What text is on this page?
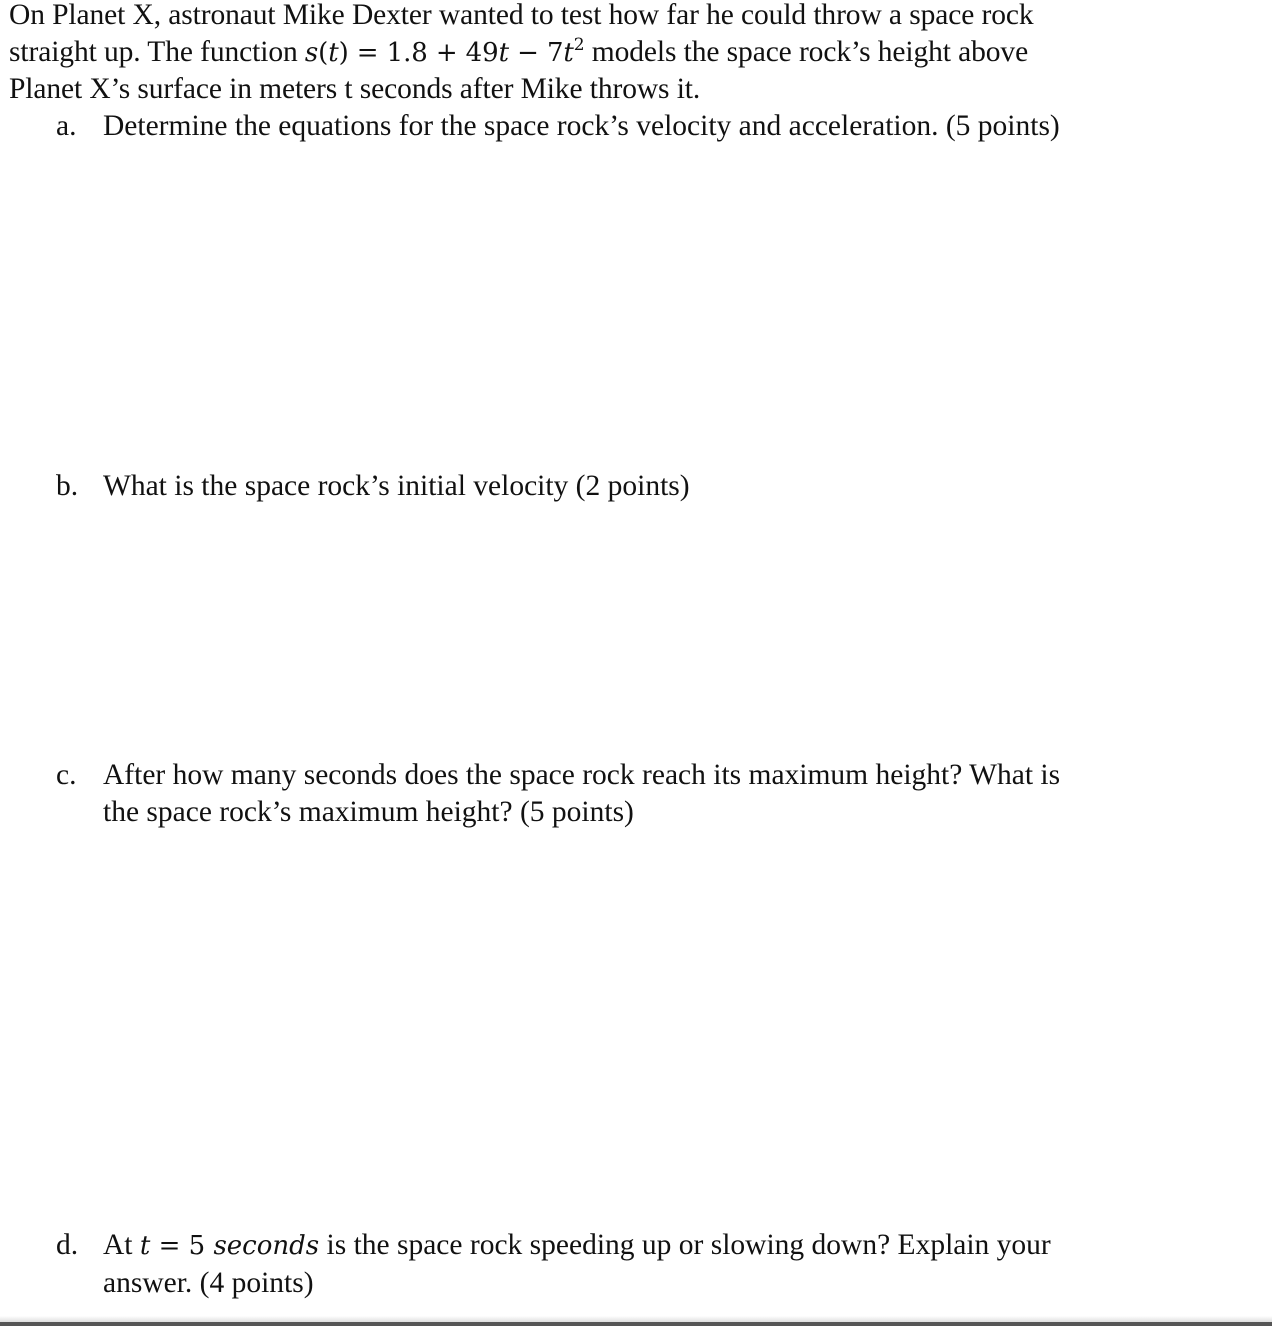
On Planet X, astronaut Mike Dexter wanted to test how far he could throw a space rock
straight up. The function $s(t) = 1.8 + 49t - 7t^2$ models the space rock’s height above
Planet X’s surface in meters t seconds after Mike throws it.
a. Determine the equations for the space rock’s velocity and acceleration. (5 points)
b. What is the space rock’s initial velocity (2 points)
c. After how many seconds does the space rock reach its maximum height? What is
the space rock’s maximum height? (5 points)
d. At t = 5 seconds is the space rock speeding up or slowing down? Explain your
answer. (4 points)
